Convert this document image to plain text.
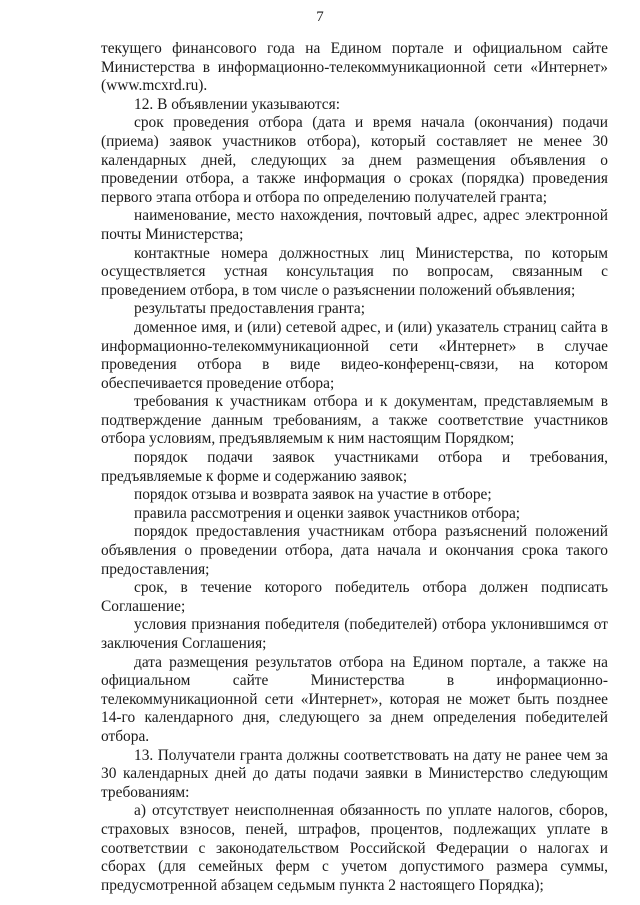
7

текущего финансового года на Едином портале и официальном сайте Министерства в информационно-телекоммуникационной сети «Интернет» (www.mcxrd.ru).

12. В объявлении указываются:

срок проведения отбора (дата и время начала (окончания) подачи (приема) заявок участников отбора), который составляет не менее 30 календарных дней, следующих за днем размещения объявления о проведении отбора, а также информация о сроках (порядка) проведения первого этапа отбора и отбора по определению получателей гранта;

наименование, место нахождения, почтовый адрес, адрес электронной почты Министерства;

контактные номера должностных лиц Министерства, по которым осуществляется устная консультация по вопросам, связанным с проведением отбора, в том числе о разъяснении положений объявления;

результаты предоставления гранта;

доменное имя, и (или) сетевой адрес, и (или) указатель страниц сайта в информационно-телекоммуникационной сети «Интернет» в случае проведения отбора в виде видео-конференц-связи, на котором обеспечивается проведение отбора;

требования к участникам отбора и к документам, представляемым в подтверждение данным требованиям, а также соответствие участников отбора условиям, предъявляемым к ним настоящим Порядком;

порядок подачи заявок участниками отбора и требования, предъявляемые к форме и содержанию заявок;

порядок отзыва и возврата заявок на участие в отборе;

правила рассмотрения и оценки заявок участников отбора;

порядок предоставления участникам отбора разъяснений положений объявления о проведении отбора, дата начала и окончания срока такого предоставления;

срок, в течение которого победитель отбора должен подписать Соглашение;

условия признания победителя (победителей) отбора уклонившимся от заключения Соглашения;

дата размещения результатов отбора на Едином портале, а также на официальном сайте Министерства в информационно-телекоммуникационной сети «Интернет», которая не может быть позднее 14-го календарного дня, следующего за днем определения победителей отбора.

13. Получатели гранта должны соответствовать на дату не ранее чем за 30 календарных дней до даты подачи заявки в Министерство следующим требованиям:

а) отсутствует неисполненная обязанность по уплате налогов, сборов, страховых взносов, пеней, штрафов, процентов, подлежащих уплате в соответствии с законодательством Российской Федерации о налогах и сборах (для семейных ферм с учетом допустимого размера суммы, предусмотренной абзацем седьмым пункта 2 настоящего Порядка);
